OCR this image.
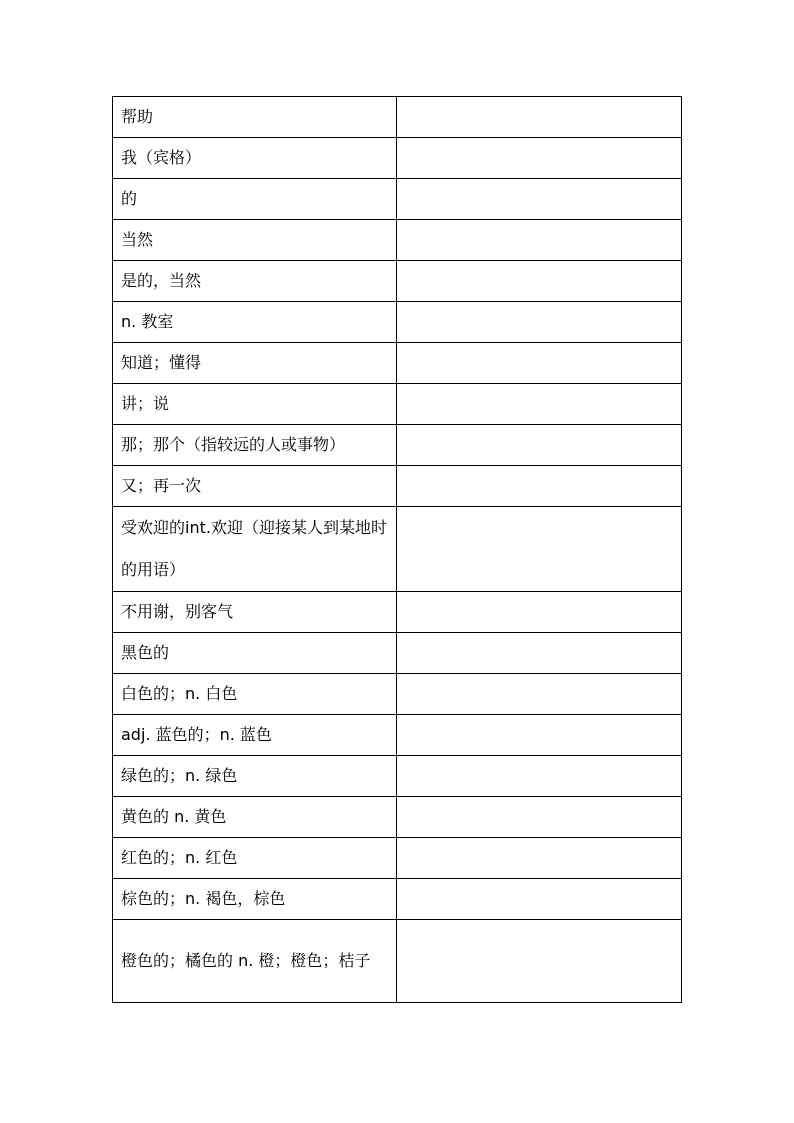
帮助	
我（宾格）	
的	
当然	
是的，当然	
n. 教室	
知道；懂得	
讲；说	
那；那个（指较远的人或事物）	
又；再一次	
受欢迎的int.欢迎（迎接某人到某地时的用语）	
不用谢，别客气	
黑色的	
白色的；n. 白色	
adj. 蓝色的；n. 蓝色	
绿色的；n. 绿色	
黄色的 n. 黄色	
红色的；n. 红色	
棕色的；n. 褐色，棕色	
橙色的；橘色的 n. 橙；橙色；桔子	
